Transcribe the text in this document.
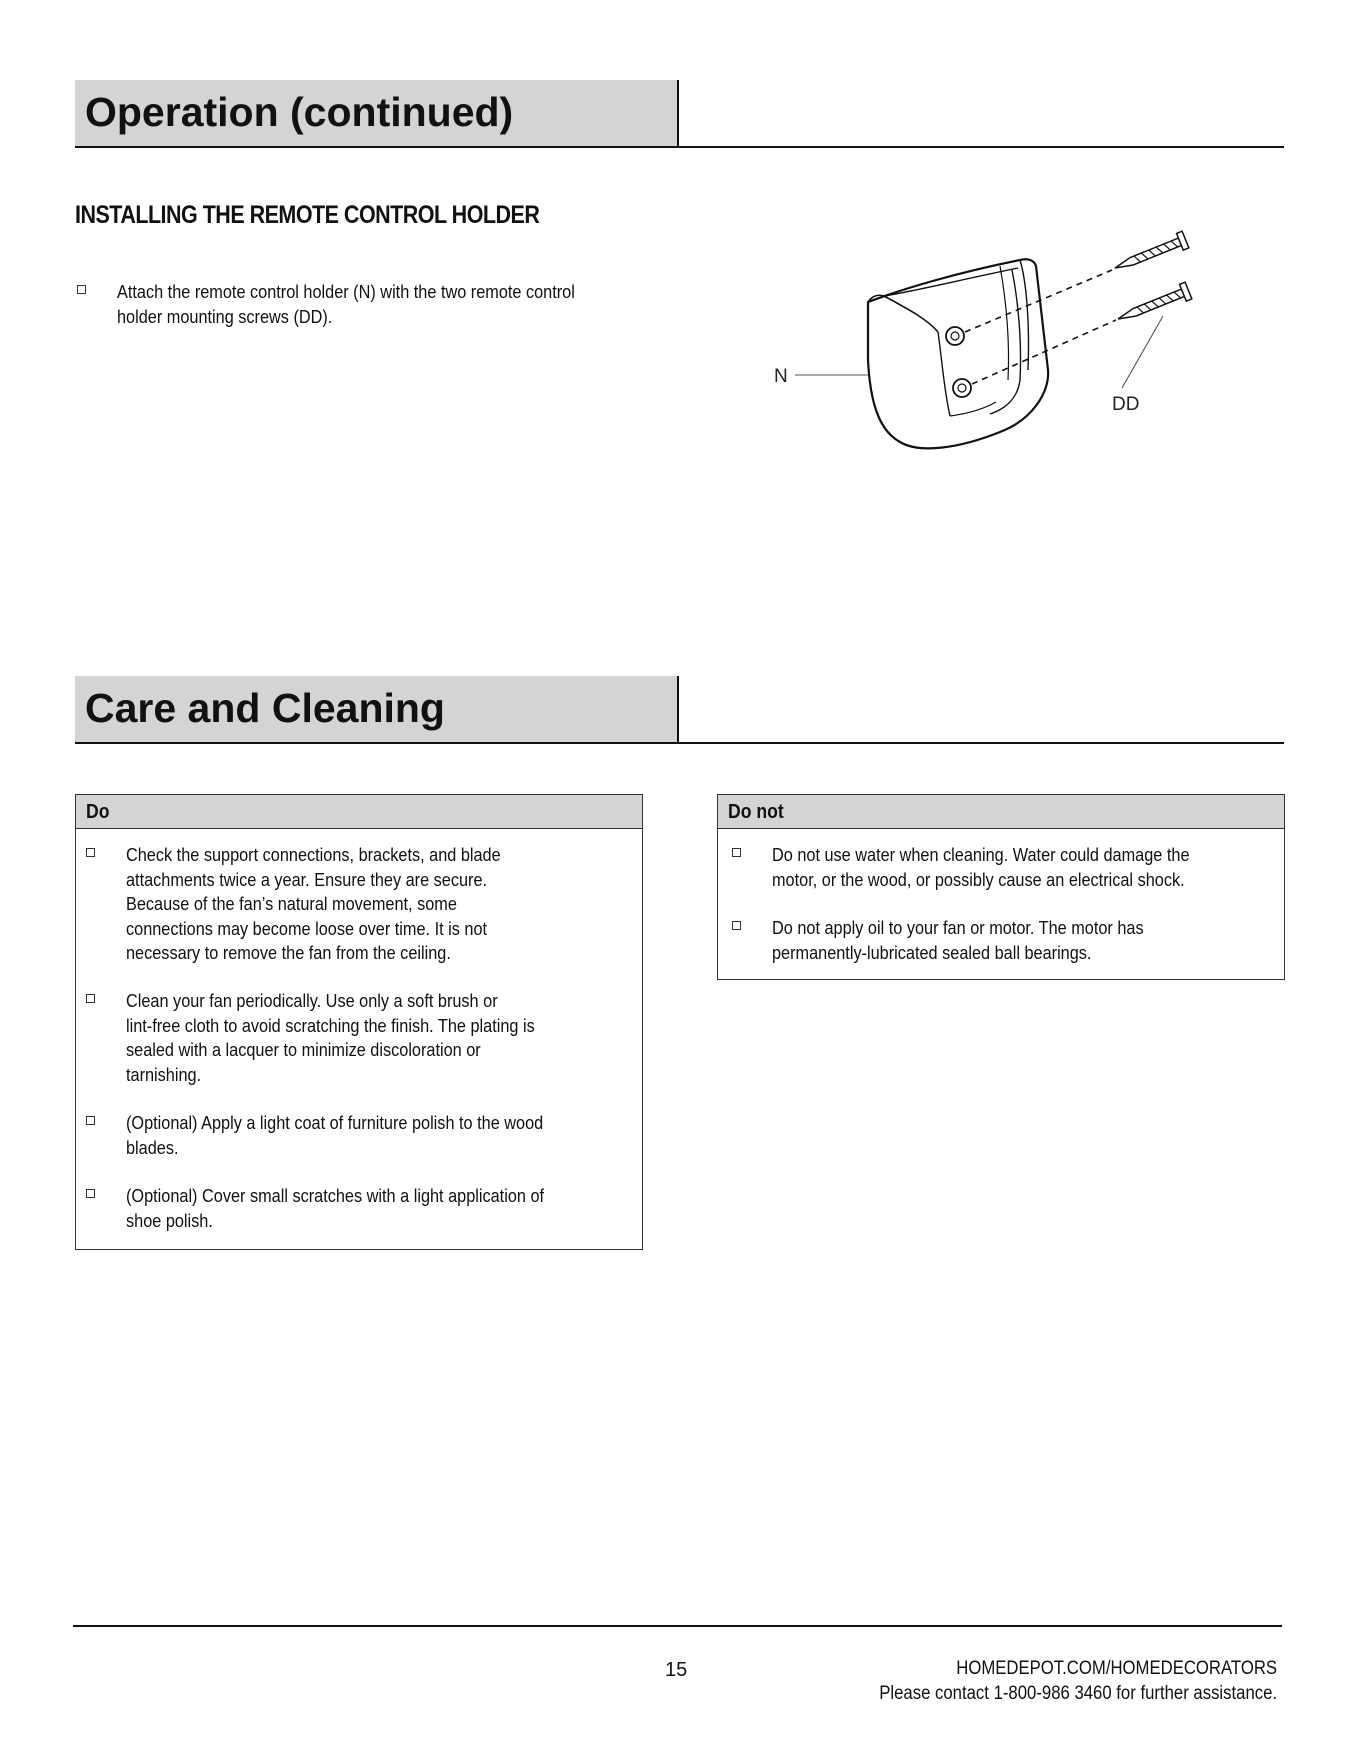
Operation (continued)
INSTALLING THE REMOTE CONTROL HOLDER
Attach the remote control holder (N) with the two remote control
holder mounting screws (DD).
N
DD
Care and Cleaning
Do
Check the support connections, brackets, and blade
attachments twice a year. Ensure they are secure.
Because of the fan’s natural movement, some
connections may become loose over time. It is not
necessary to remove the fan from the ceiling.
Clean your fan periodically. Use only a soft brush or
lint-free cloth to avoid scratching the finish. The plating is
sealed with a lacquer to minimize discoloration or
tarnishing.
(Optional) Apply a light coat of furniture polish to the wood
blades.
(Optional) Cover small scratches with a light application of
shoe polish.
Do not
Do not use water when cleaning. Water could damage the
motor, or the wood, or possibly cause an electrical shock.
Do not apply oil to your fan or motor. The motor has
permanently-lubricated sealed ball bearings.
15	HOMEDEPOT.COM/HOMEDECORATORS
Please contact 1-800-986 3460 for further assistance.
